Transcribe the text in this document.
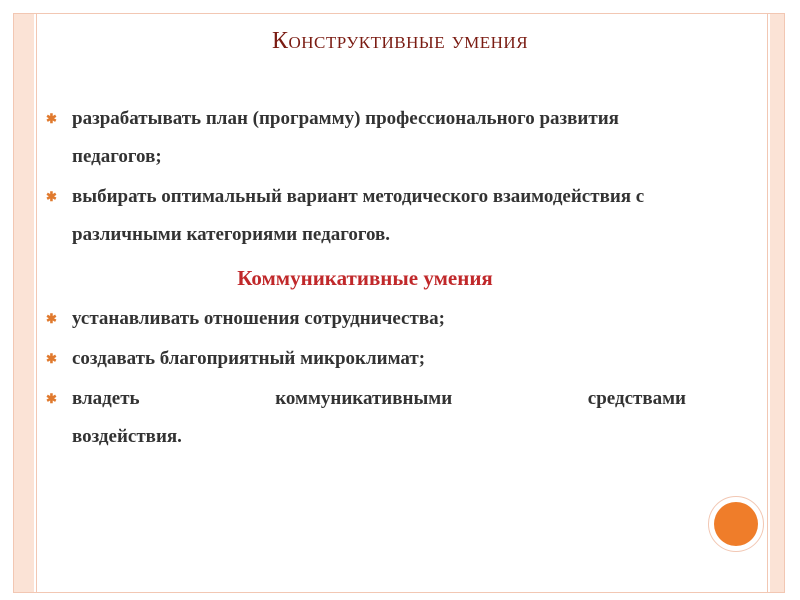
Конструктивные умения
✱ разрабатывать план (программу) профессионального развития педагогов;
✱ выбирать оптимальный вариант методического взаимодействия с различными категориями педагогов.
Коммуникативные умения
✱ устанавливать отношения сотрудничества;
✱ создавать благоприятный микроклимат;
✱ владеть коммуникативными средствами
воздействия.
